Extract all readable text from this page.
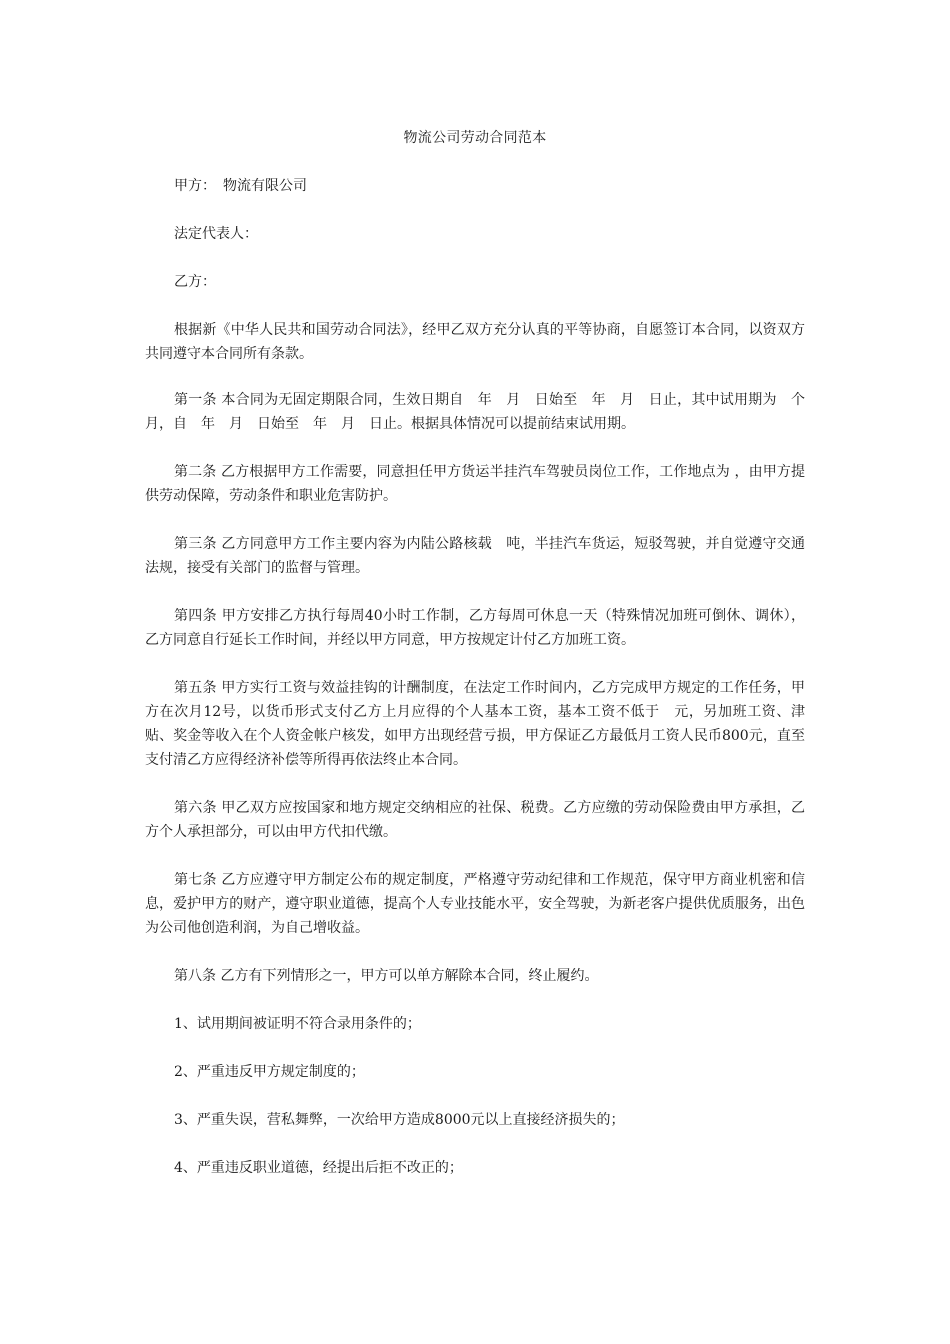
物流公司劳动合同范本

甲方：　物流有限公司

法定代表人：

乙方：

根据新《中华人民共和国劳动合同法》，经甲乙双方充分认真的平等协商，自愿签订本合同，以资双方共同遵守本合同所有条款。

第一条 本合同为无固定期限合同，生效日期自　年　月　日始至　年　月　日止，其中试用期为　个月，自　年　月　日始至　年　月　日止。根据具体情况可以提前结束试用期。

第二条 乙方根据甲方工作需要，同意担任甲方货运半挂汽车驾驶员岗位工作，工作地点为 ，由甲方提供劳动保障，劳动条件和职业危害防护。

第三条 乙方同意甲方工作主要内容为内陆公路核载　吨，半挂汽车货运，短驳驾驶，并自觉遵守交通法规，接受有关部门的监督与管理。

第四条 甲方安排乙方执行每周40小时工作制，乙方每周可休息一天（特殊情况加班可倒休、调休），乙方同意自行延长工作时间，并经以甲方同意，甲方按规定计付乙方加班工资。

第五条 甲方实行工资与效益挂钩的计酬制度，在法定工作时间内，乙方完成甲方规定的工作任务，甲方在次月12号，以货币形式支付乙方上月应得的个人基本工资，基本工资不低于　元，另加班工资、津贴、奖金等收入在个人资金帐户核发，如甲方出现经营亏损，甲方保证乙方最低月工资人民币800元，直至支付清乙方应得经济补偿等所得再依法终止本合同。

第六条 甲乙双方应按国家和地方规定交纳相应的社保、税费。乙方应缴的劳动保险费由甲方承担，乙方个人承担部分，可以由甲方代扣代缴。

第七条 乙方应遵守甲方制定公布的规定制度，严格遵守劳动纪律和工作规范，保守甲方商业机密和信息，爱护甲方的财产，遵守职业道德，提高个人专业技能水平，安全驾驶，为新老客户提供优质服务，出色为公司他创造利润，为自己增收益。

第八条 乙方有下列情形之一，甲方可以单方解除本合同，终止履约。

1、试用期间被证明不符合录用条件的；

2、严重违反甲方规定制度的；

3、严重失误，营私舞弊，一次给甲方造成8000元以上直接经济损失的；

4、严重违反职业道德，经提出后拒不改正的；
